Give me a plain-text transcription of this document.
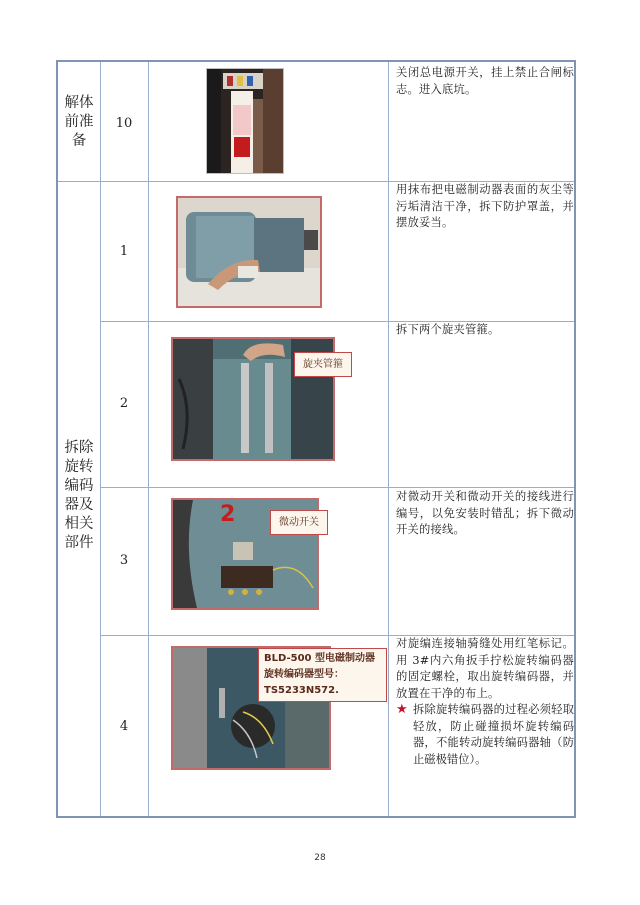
解体前准备
拆除旋转编码器及相关部件
10
1
2
3
4
关闭总电源开关，挂上禁止合闸标志。进入底坑。
用抹布把电磁制动器表面的灰尘等污垢清洁干净，拆下防护罩盖，并摆放妥当。
拆下两个旋夹管箍。
对微动开关和微动开关的接线进行编号，以免安装时错乱；拆下微动开关的接线。
对旋编连接轴骑缝处用红笔标记。用 3#内六角扳手拧松旋转编码器的固定螺栓，取出旋转编码器，并放置在干净的布上。
★ 拆除旋转编码器的过程必须轻取轻放，防止碰撞损坏旋转编码器，不能转动旋转编码器轴（防止磁极错位）。
旋夹管箍
2	微动开关
BLD-500 型电磁制动器旋转编码器型号：TS5233N572.
28
